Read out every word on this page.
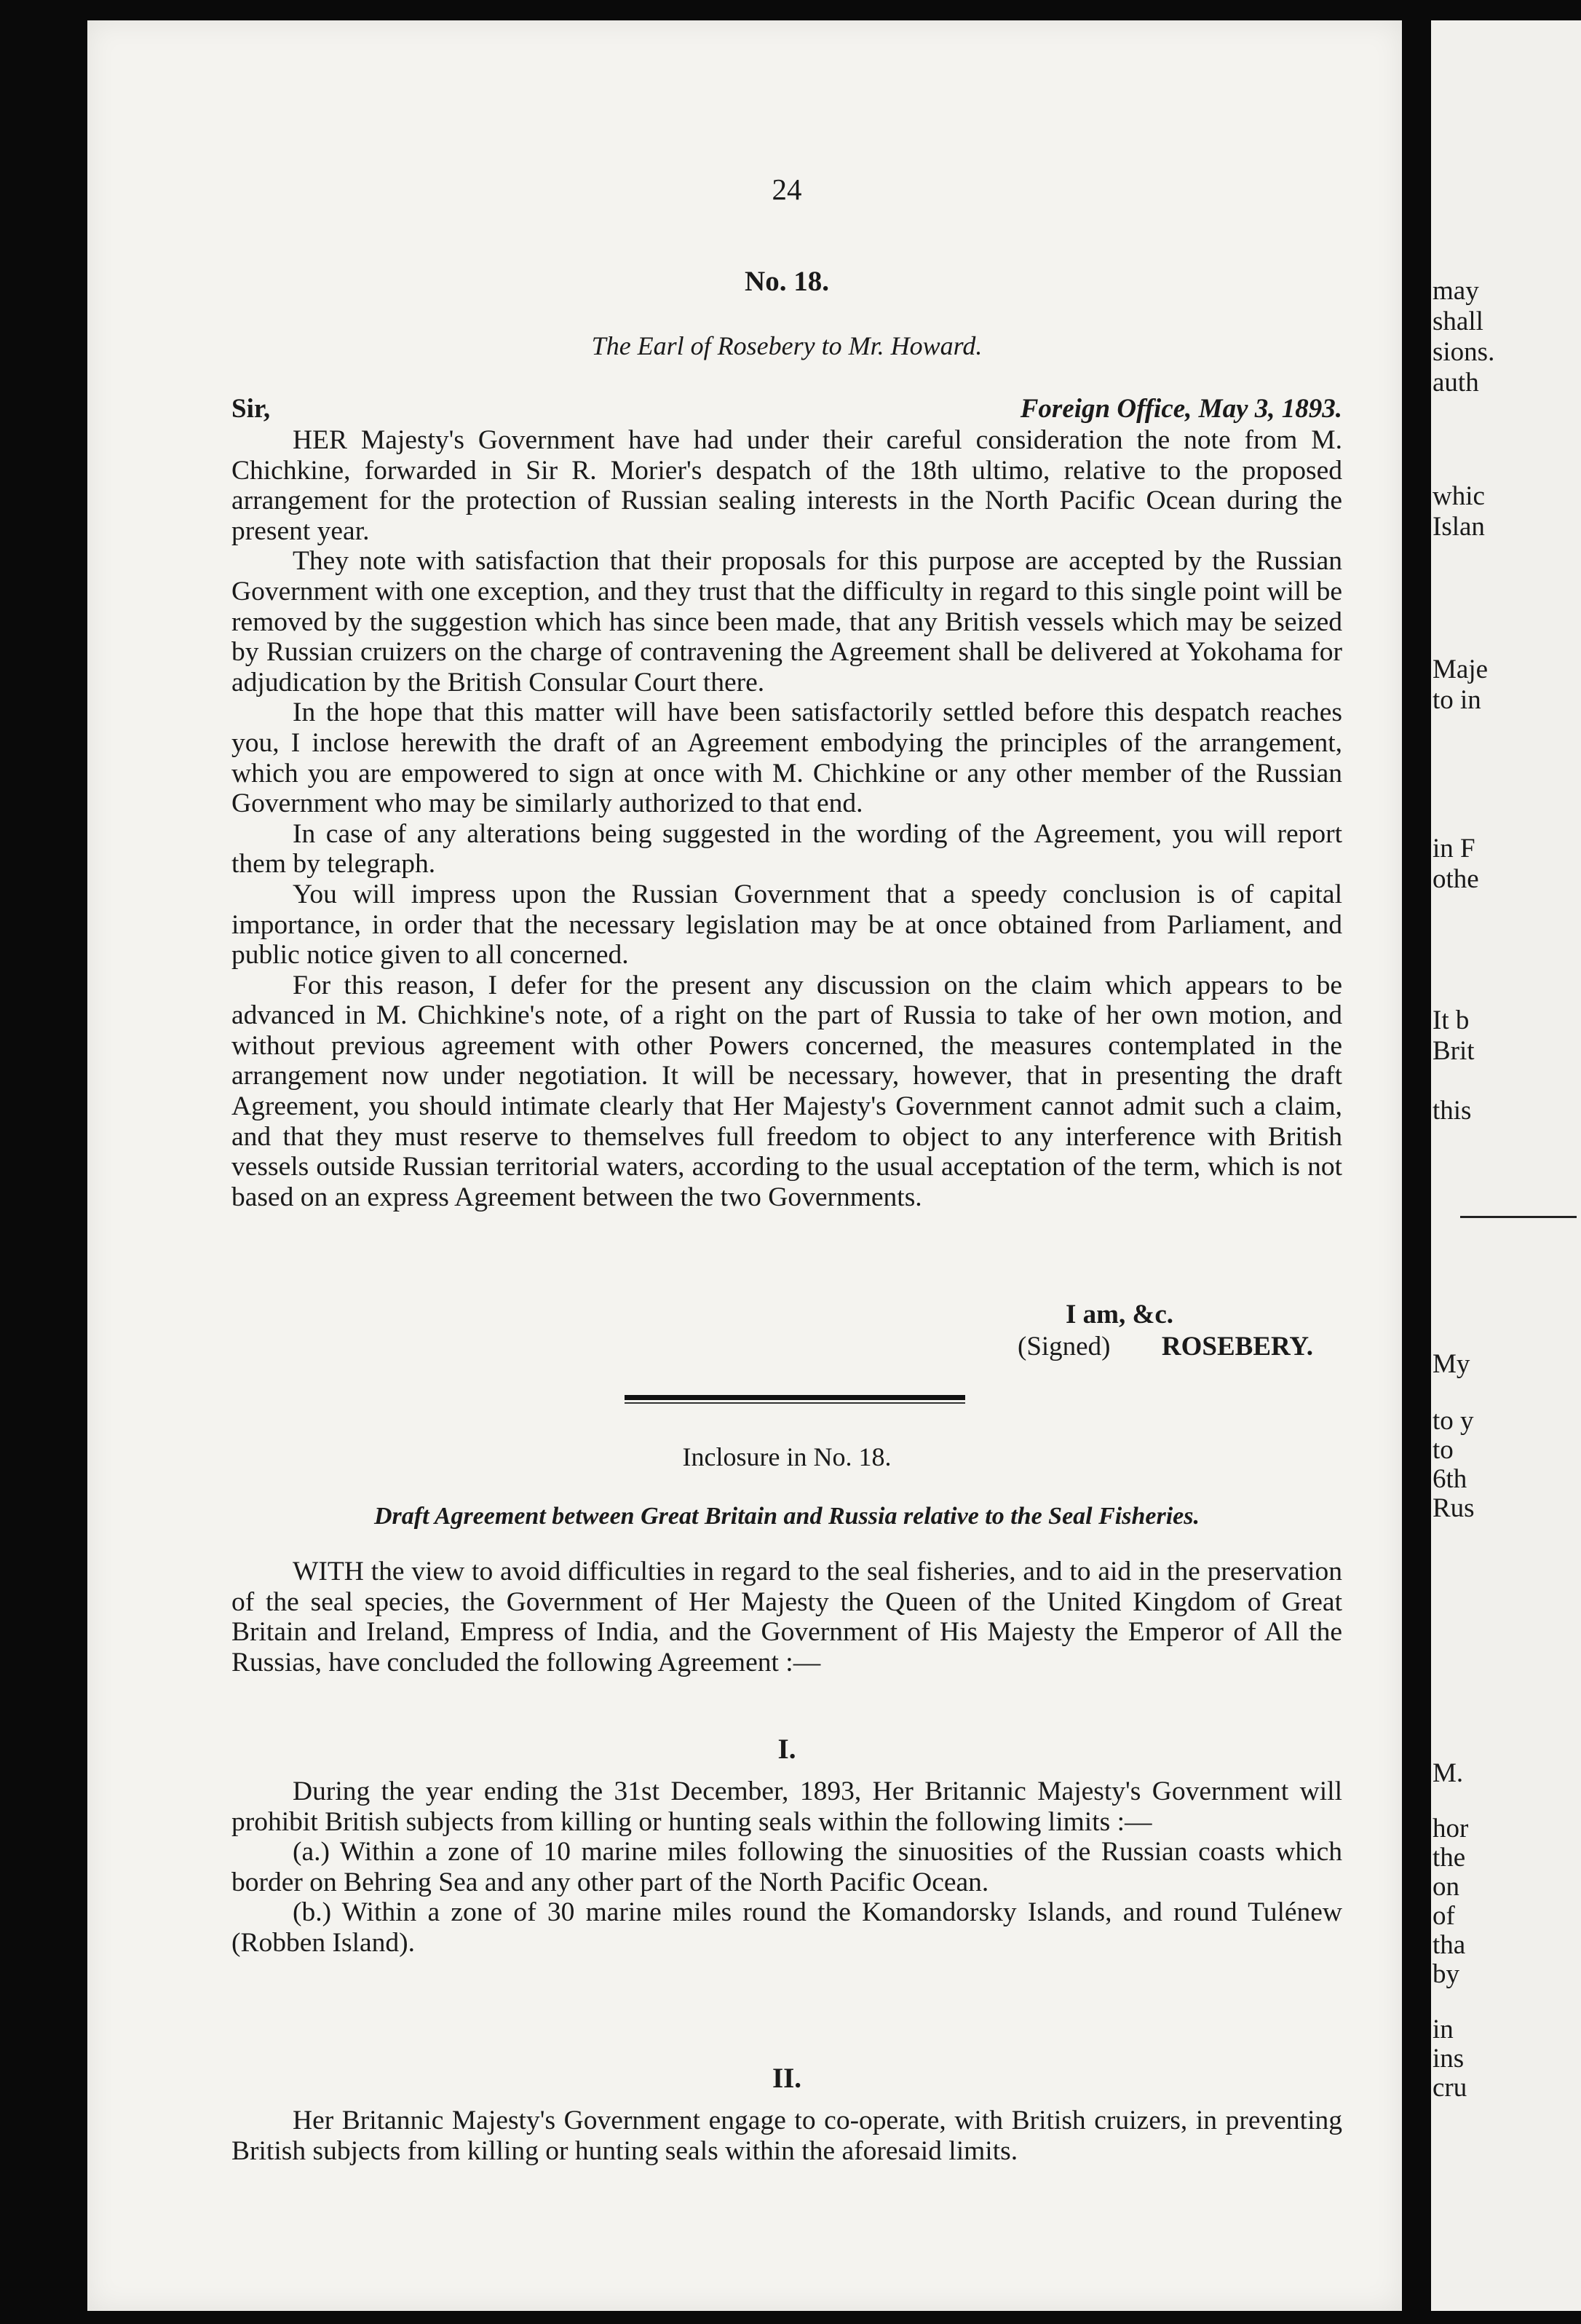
24
No. 18.
The Earl of Rosebery to Mr. Howard.
Sir,	Foreign Office, May 3, 1893.

HER Majesty's Government have had under their careful consideration the note from M. Chichkine, forwarded in Sir R. Morier's despatch of the 18th ultimo, relative to the proposed arrangement for the protection of Russian sealing interests in the North Pacific Ocean during the present year.

They note with satisfaction that their proposals for this purpose are accepted by the Russian Government with one exception, and they trust that the difficulty in regard to this single point will be removed by the suggestion which has since been made, that any British vessels which may be seized by Russian cruizers on the charge of contravening the Agreement shall be delivered at Yokohama for adjudication by the British Consular Court there.

In the hope that this matter will have been satisfactorily settled before this despatch reaches you, I inclose herewith the draft of an Agreement embodying the principles of the arrangement, which you are empowered to sign at once with M. Chichkine or any other member of the Russian Government who may be similarly authorized to that end.

In case of any alterations being suggested in the wording of the Agreement, you will report them by telegraph.

You will impress upon the Russian Government that a speedy conclusion is of capital importance, in order that the necessary legislation may be at once obtained from Parliament, and public notice given to all concerned.

For this reason, I defer for the present any discussion on the claim which appears to be advanced in M. Chichkine's note, of a right on the part of Russia to take of her own motion, and without previous agreement with other Powers concerned, the measures contemplated in the arrangement now under negotiation. It will be necessary, however, that in presenting the draft Agreement, you should intimate clearly that Her Majesty's Government cannot admit such a claim, and that they must reserve to themselves full freedom to object to any interference with British vessels outside Russian territorial waters, according to the usual acceptation of the term, which is not based on an express Agreement between the two Governments.

I am, &c.
(Signed) ROSEBERY.
Inclosure in No. 18.
Draft Agreement between Great Britain and Russia relative to the Seal Fisheries.

WITH the view to avoid difficulties in regard to the seal fisheries, and to aid in the preservation of the seal species, the Government of Her Majesty the Queen of the United Kingdom of Great Britain and Ireland, Empress of India, and the Government of His Majesty the Emperor of All the Russias, have concluded the following Agreement :—

I.

During the year ending the 31st December, 1893, Her Britannic Majesty's Government will prohibit British subjects from killing or hunting seals within the following limits :—

(a.) Within a zone of 10 marine miles following the sinuosities of the Russian coasts which border on Behring Sea and any other part of the North Pacific Ocean.

(b.) Within a zone of 30 marine miles round the Komandorsky Islands, and round Tulénew (Robben Island).

II.

Her Britannic Majesty's Government engage to co-operate, with British cruizers, in preventing British subjects from killing or hunting seals within the aforesaid limits.

may
shall
sions.
auth
whic
Islan
Maje
to in
in F
othe
It b
Brit
this
My
to y
to
6th
Rus
M.
hor
the
on
of
tha
by
in
ins
cru
